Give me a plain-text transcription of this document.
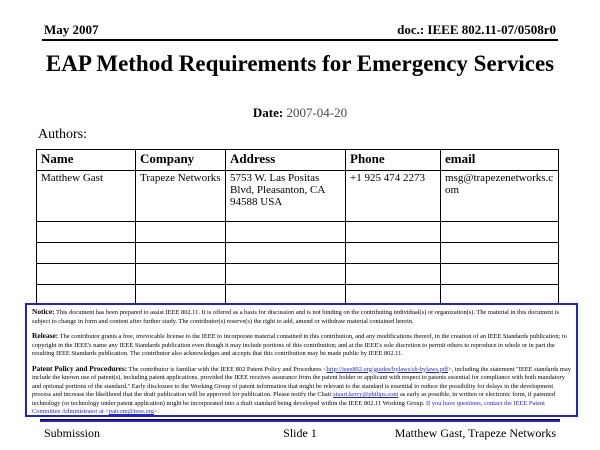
May 2007	doc.: IEEE 802.11-07/0508r0
EAP Method Requirements for Emergency Services
Date: 2007-04-20
Authors:
Name	Company	Address	Phone	email
Matthew Gast	Trapeze Networks	5753 W. Las Positas Blvd, Pleasanton, CA 94588 USA	+1 925 474 2273	msg@trapezenetworks.com

Notice: This document has been prepared to assist IEEE 802.11. It is offered as a basis for discussion and is not binding on the contributing individual(s) or organization(s). The material in this document is subject to change in form and content after further study. The contributor(s) reserve(s) the right to add, amend or withdraw material contained herein.

Release: The contributor grants a free, irrevocable license to the IEEE to incorporate material contained in this contribution, and any modifications thereof, in the creation of an IEEE Standards publication; to copyright in the IEEE's name any IEEE Standards publication even though it may include portions of this contribution; and at the IEEE's sole discretion to permit others to reproduce in whole or in part the resulting IEEE Standards publication. The contributor also acknowledges and accepts that this contribution may be made public by IEEE 802.11.

Patent Policy and Procedures: The contributor is familiar with the IEEE 802 Patent Policy and Procedures <http://ieee802.org/guides/bylaws/sb-bylaws.pdf>, including the statement "IEEE standards may include the known use of patent(s), including patent applications, provided the IEEE receives assurance from the patent holder or applicant with respect to patents essential for compliance with both mandatory and optional portions of the standard." Early disclosure to the Working Group of patent information that might be relevant to the standard is essential to reduce the possibility for delays in the development process and increase the likelihood that the draft publication will be approved for publication. Please notify the Chair stuart.kerry@philips.com as early as possible, in written or electronic form, if patented technology (or technology under patent application) might be incorporated into a draft standard being developed within the IEEE 802.11 Working Group. If you have questions, contact the IEEE Patent Committee Administrator at <patcom@ieee.org>.

Slide 1
Submission	Matthew Gast, Trapeze Networks
